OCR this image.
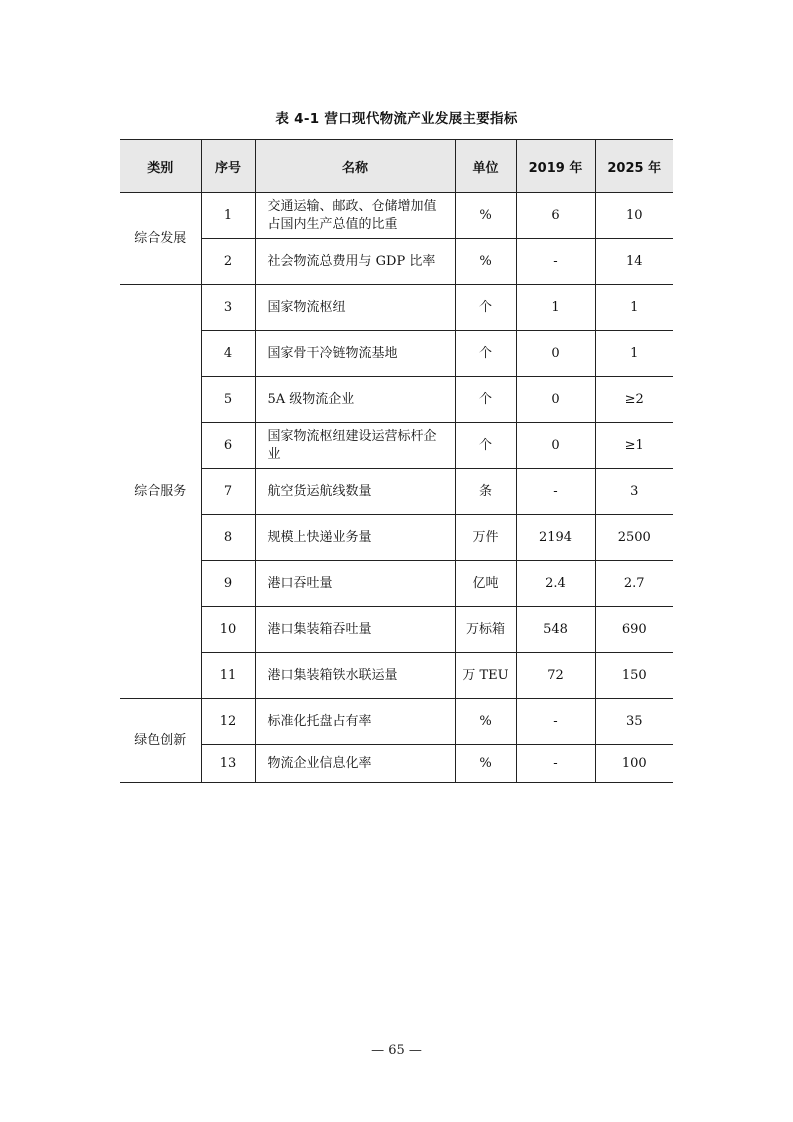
表 4-1 营口现代物流产业发展主要指标
类别	序号	名称	单位	2019 年	2025 年
综合发展	1	交通运输、邮政、仓储增加值占国内生产总值的比重	%	6	10
	2	社会物流总费用与 GDP 比率	%	-	14
综合服务	3	国家物流枢纽	个	1	1
	4	国家骨干冷链物流基地	个	0	1
	5	5A 级物流企业	个	0	≥2
	6	国家物流枢纽建设运营标杆企业	个	0	≥1
	7	航空货运航线数量	条	-	3
	8	规模上快递业务量	万件	2194	2500
	9	港口吞吐量	亿吨	2.4	2.7
	10	港口集装箱吞吐量	万标箱	548	690
	11	港口集装箱铁水联运量	万 TEU	72	150
绿色创新	12	标准化托盘占有率	%	-	35
	13	物流企业信息化率	%	-	100
— 65 —
